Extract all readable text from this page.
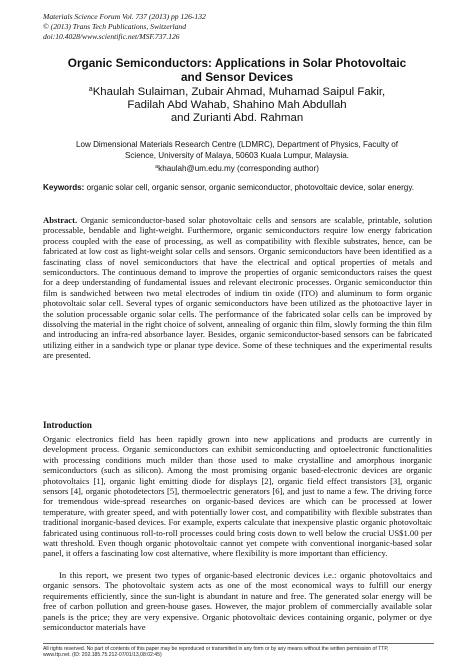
Materials Science Forum Vol. 737 (2013) pp 126-132
© (2013) Trans Tech Publications, Switzerland
doi:10.4028/www.scientific.net/MSF.737.126
Organic Semiconductors: Applications in Solar Photovoltaic
and Sensor Devices
$^a$Khaulah Sulaiman, Zubair Ahmad, Muhamad Saipul Fakir,
Fadilah Abd Wahab, Shahino Mah Abdullah
and Zurianti Abd. Rahman
Low Dimensional Materials Research Centre (LDMRC), Department of Physics, Faculty of
Science, University of Malaya, 50603 Kuala Lumpur, Malaysia.
$^a$khaulah@um.edu.my (corresponding author)
Keywords: organic solar cell, organic sensor, organic semiconductor, photovoltaic device, solar energy.
Abstract. Organic semiconductor-based solar photovoltaic cells and sensors are scalable, printable, solution processable, bendable and light-weight. Furthermore, organic semiconductors require low energy fabrication process coupled with the ease of processing, as well as compatibility with flexible substrates, hence, can be fabricated at low cost as light-weight solar cells and sensors. Organic semiconductors have been identified as a fascinating class of novel semiconductors that have the electrical and optical properties of metals and semiconductors. The continuous demand to improve the properties of organic semiconductors raises the quest for a deep understanding of fundamental issues and relevant electronic processes. Organic semiconductor thin film is sandwiched between two metal electrodes of indium tin oxide (ITO) and aluminum to form organic photovoltaic solar cell. Several types of organic semiconductors have been utilized as the photoactive layer in the solution processable organic solar cells. The performance of the fabricated solar cells can be improved by dissolving the material in the right choice of solvent, annealing of organic thin film, slowly forming the thin film and introducing an infra-red absorbance layer. Besides, organic semiconductor-based sensors can be fabricated utilizing either in a sandwich type or planar type device. Some of these techniques and the experimental results are presented.
Introduction
Organic electronics field has been rapidly grown into new applications and products are currently in development process. Organic semiconductors can exhibit semiconducting and optoelectronic functionalities with processing conditions much milder than those used to make crystalline and amorphous inorganic semiconductors (such as silicon). Among the most promising organic based-electronic devices are organic photovoltaics [1], organic light emitting diode for displays [2], organic field effect transistors [3], organic sensors [4], organic photodetectors [5], thermoelectric generators [6], and just to name a few. The driving force for tremendous wide-spread researches on organic-based devices are which can be processed at lower temperature, with greater speed, and with potentially lower cost, and compatibility with flexible substrates than traditional inorganic-based devices. For example, experts calculate that inexpensive plastic organic photovoltaic fabricated using continuous roll-to-roll processes could bring costs down to well below the crucial US$1.00 per watt threshold. Even though organic photovoltaic cannot yet compete with conventional inorganic-based solar panel, it offers a fascinating low cost alternative, where flexibility is more important than efficiency.
In this report, we present two types of organic-based electronic devices i.e.: organic photovoltaics and organic sensors. The photovoltaic system acts as one of the most economical ways to fulfill our energy requirements efficiently, since the sun-light is abundant in nature and free. The generated solar energy will be free of carbon pollution and green-house gases. However, the major problem of commercially available solar panels is the price; they are very expensive. Organic photovoltaic devices containing organic, polymer or dye semiconductor materials have
All rights reserved. No part of contents of this paper may be reproduced or transmitted in any form or by any means without the written permission of TTP,
www.ttp.net. (ID: 202.185.75.212-07/01/13,08:02:45)
